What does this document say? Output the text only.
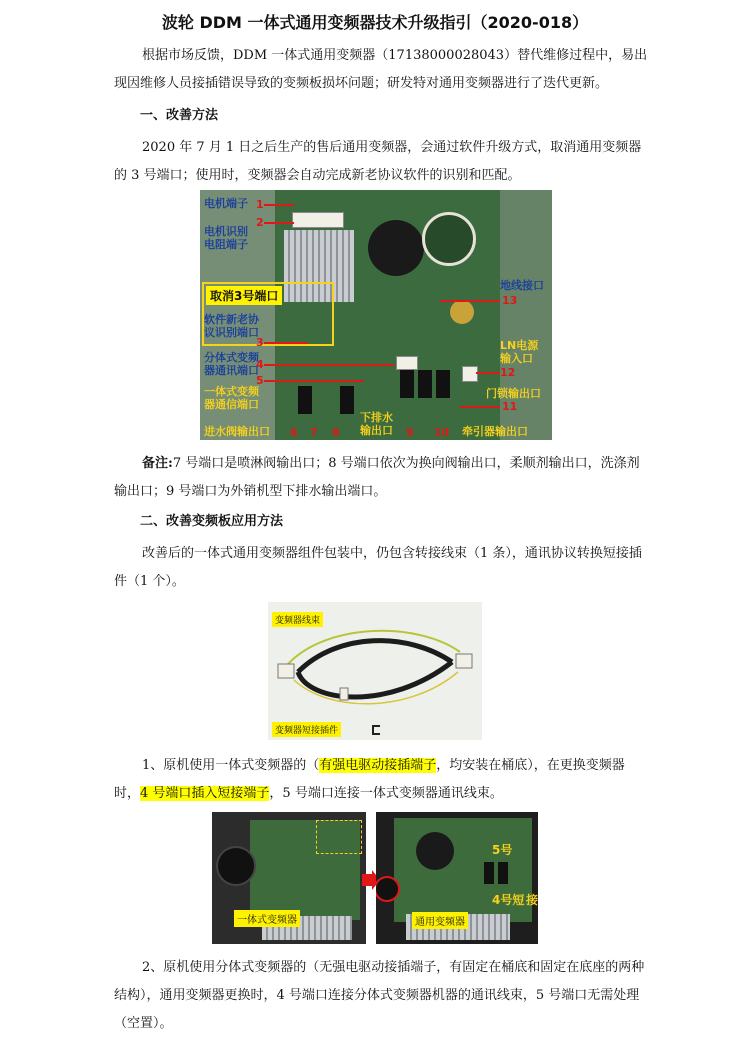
波轮 DDM 一体式通用变频器技术升级指引（2020-018）
根据市场反馈，DDM 一体式通用变频器（17138000028043）替代维修过程中，易出现因维修人员接插错误导致的变频板损坏问题；研发特对通用变频器进行了迭代更新。
一、改善方法
2020 年 7 月 1 日之后生产的售后通用变频器，会通过软件升级方式，取消通用变频器的 3 号端口；使用时，变频器会自动完成新老协议软件的识别和匹配。
电机端子
电机识别
电阻端子
取消3号端口
软件新老协
议识别端口
分体式变频
器通讯端口
一体式变频
器通信端口
进水阀输出口
下排水
输出口	牵引器输出口
门锁输出口
LN电源
输入口
地线接口
1
2
3
4
5
6 7 8	9 10
11
12
13
备注:7 号端口是喷淋阀输出口；8 号端口依次为换向阀输出口，柔顺剂输出口，洗涤剂输出口；9 号端口为外销机型下排水输出端口。
二、改善变频板应用方法
改善后的一体式通用变频器组件包装中，仍包含转接线束（1 条），通讯协议转换短接插件（1 个）。
变频器线束
变频器短接插件
1、原机使用一体式变频器的（有强电驱动接插端子，均安装在桶底），在更换变频器时，4 号端口插入短接端子，5 号端口连接一体式变频器通讯线束。
一体式变频器
5号
4号短 接
通用变频器
2、原机使用分体式变频器的（无强电驱动接插端子，有固定在桶底和固定在底座的两种结构），通用变频器更换时，4 号端口连接分体式变频器机器的通讯线束，5 号端口无需处理（空置）。
